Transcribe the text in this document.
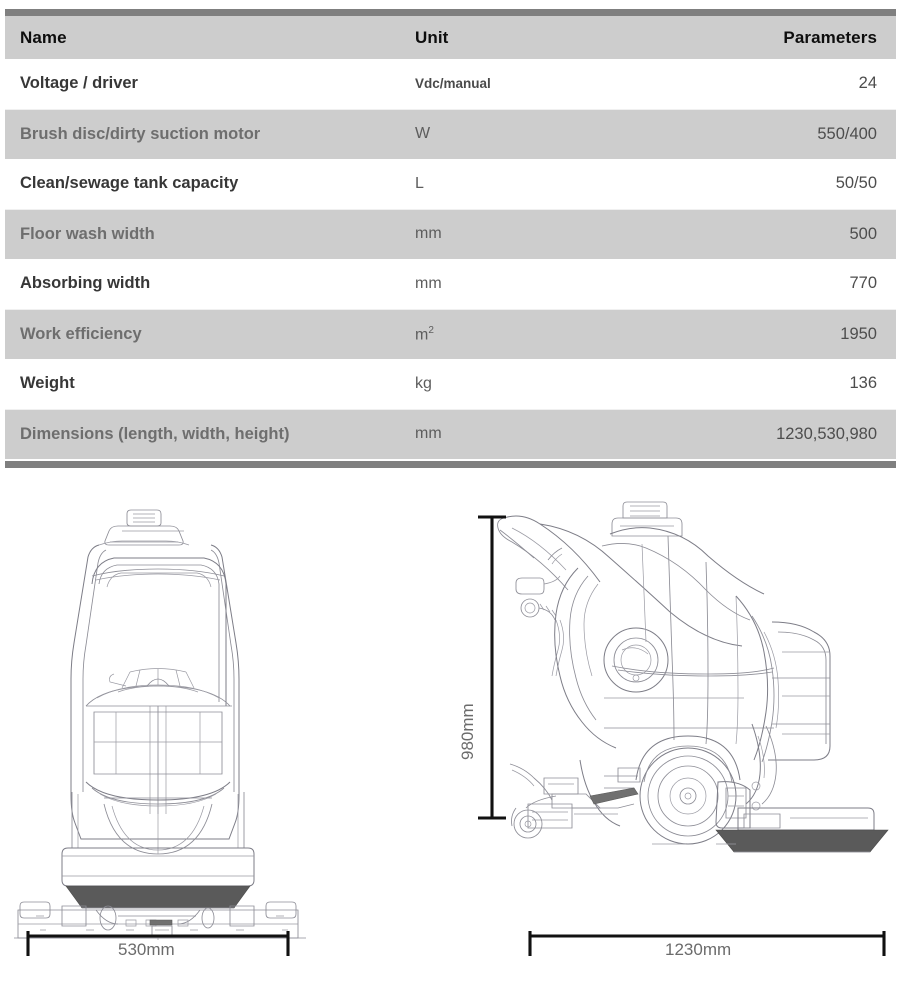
Name	Unit	Parameters
Voltage / driver	Vdc/manual	24
Brush disc/dirty suction motor	W	550/400
Clean/sewage tank capacity	L	50/50
Floor wash width	mm	500
Absorbing width	mm	770
Work efficiency	$m^2$	1950
Weight	kg	136
Dimensions (length, width, height)	mm	1230,530,980
980mm
530mm	1230mm
